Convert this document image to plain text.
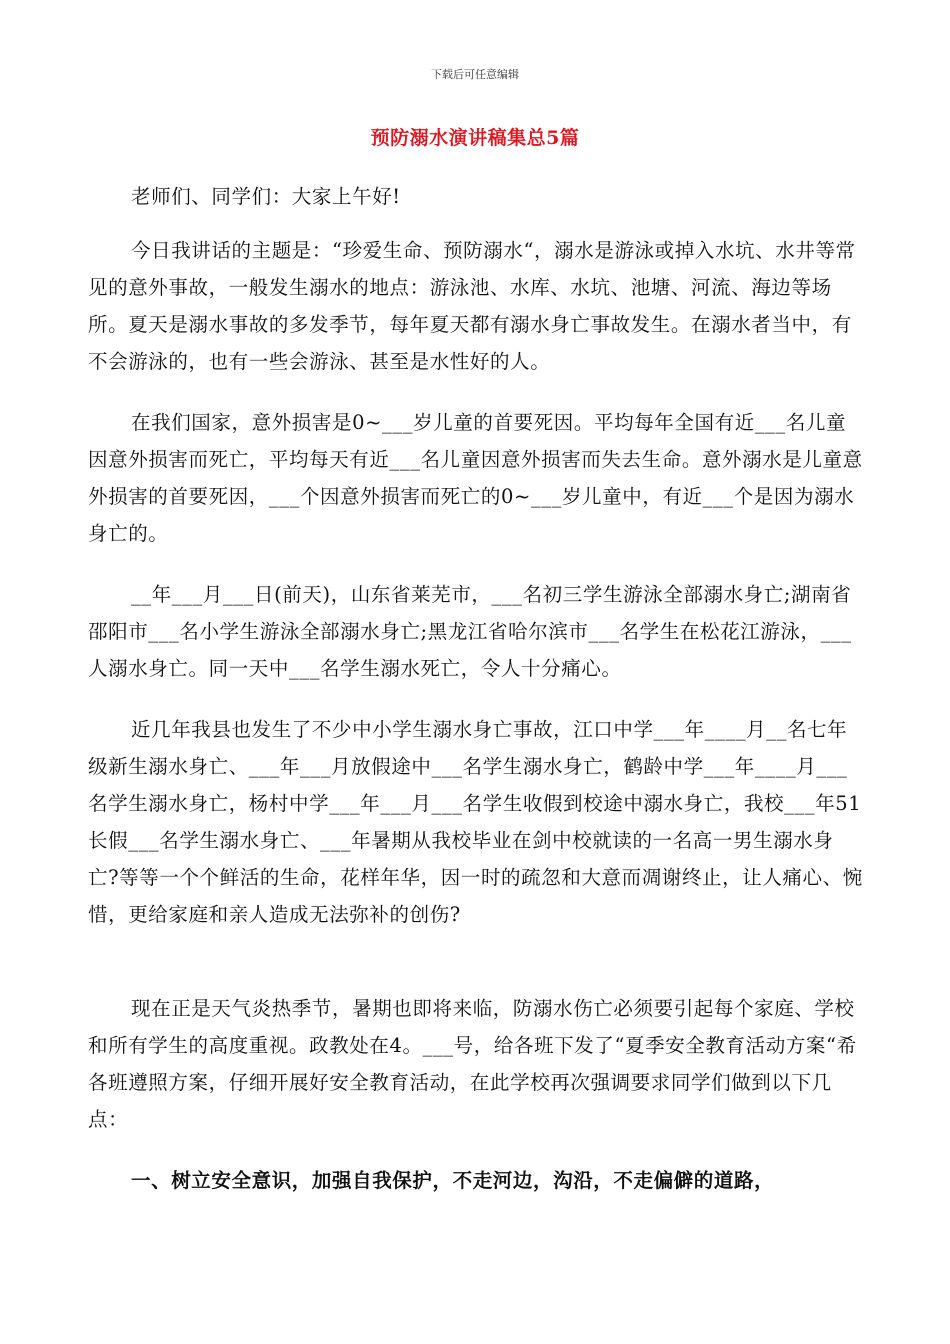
下载后可任意编辑
预防溺水演讲稿集总5篇

老师们、同学们：大家上午好!

今日我讲话的主题是：“珍爱生命、预防溺水“，溺水是游泳或掉入水坑、水井等常见的意外事故，一般发生溺水的地点：游泳池、水库、水坑、池塘、河流、海边等场所。夏天是溺水事故的多发季节，每年夏天都有溺水身亡事故发生。在溺水者当中，有不会游泳的，也有一些会游泳、甚至是水性好的人。

在我们国家，意外损害是0~___岁儿童的首要死因。平均每年全国有近___名儿童因意外损害而死亡，平均每天有近___名儿童因意外损害而失去生命。意外溺水是儿童意外损害的首要死因，___个因意外损害而死亡的0~___岁儿童中，有近___个是因为溺水身亡的。

__年___月___日(前天)，山东省莱芜市，___名初三学生游泳全部溺水身亡;湖南省邵阳市___名小学生游泳全部溺水身亡;黑龙江省哈尔滨市___名学生在松花江游泳，___人溺水身亡。同一天中___名学生溺水死亡，令人十分痛心。

近几年我县也发生了不少中小学生溺水身亡事故，江口中学___年____月__名七年级新生溺水身亡、___年___月放假途中___名学生溺水身亡，鹤龄中学___年____月___名学生溺水身亡，杨村中学___年___月___名学生收假到校途中溺水身亡，我校___年51长假___名学生溺水身亡、___年暑期从我校毕业在剑中校就读的一名高一男生溺水身亡?等等一个个鲜活的生命，花样年华，因一时的疏忽和大意而凋谢终止，让人痛心、惋惜，更给家庭和亲人造成无法弥补的创伤?

现在正是天气炎热季节，暑期也即将来临，防溺水伤亡必须要引起每个家庭、学校和所有学生的高度重视。政教处在4。___号，给各班下发了“夏季安全教育活动方案“希各班遵照方案，仔细开展好安全教育活动，在此学校再次强调要求同学们做到以下几点：

一、树立安全意识，加强自我保护，不走河边，沟沿，不走偏僻的道路，
